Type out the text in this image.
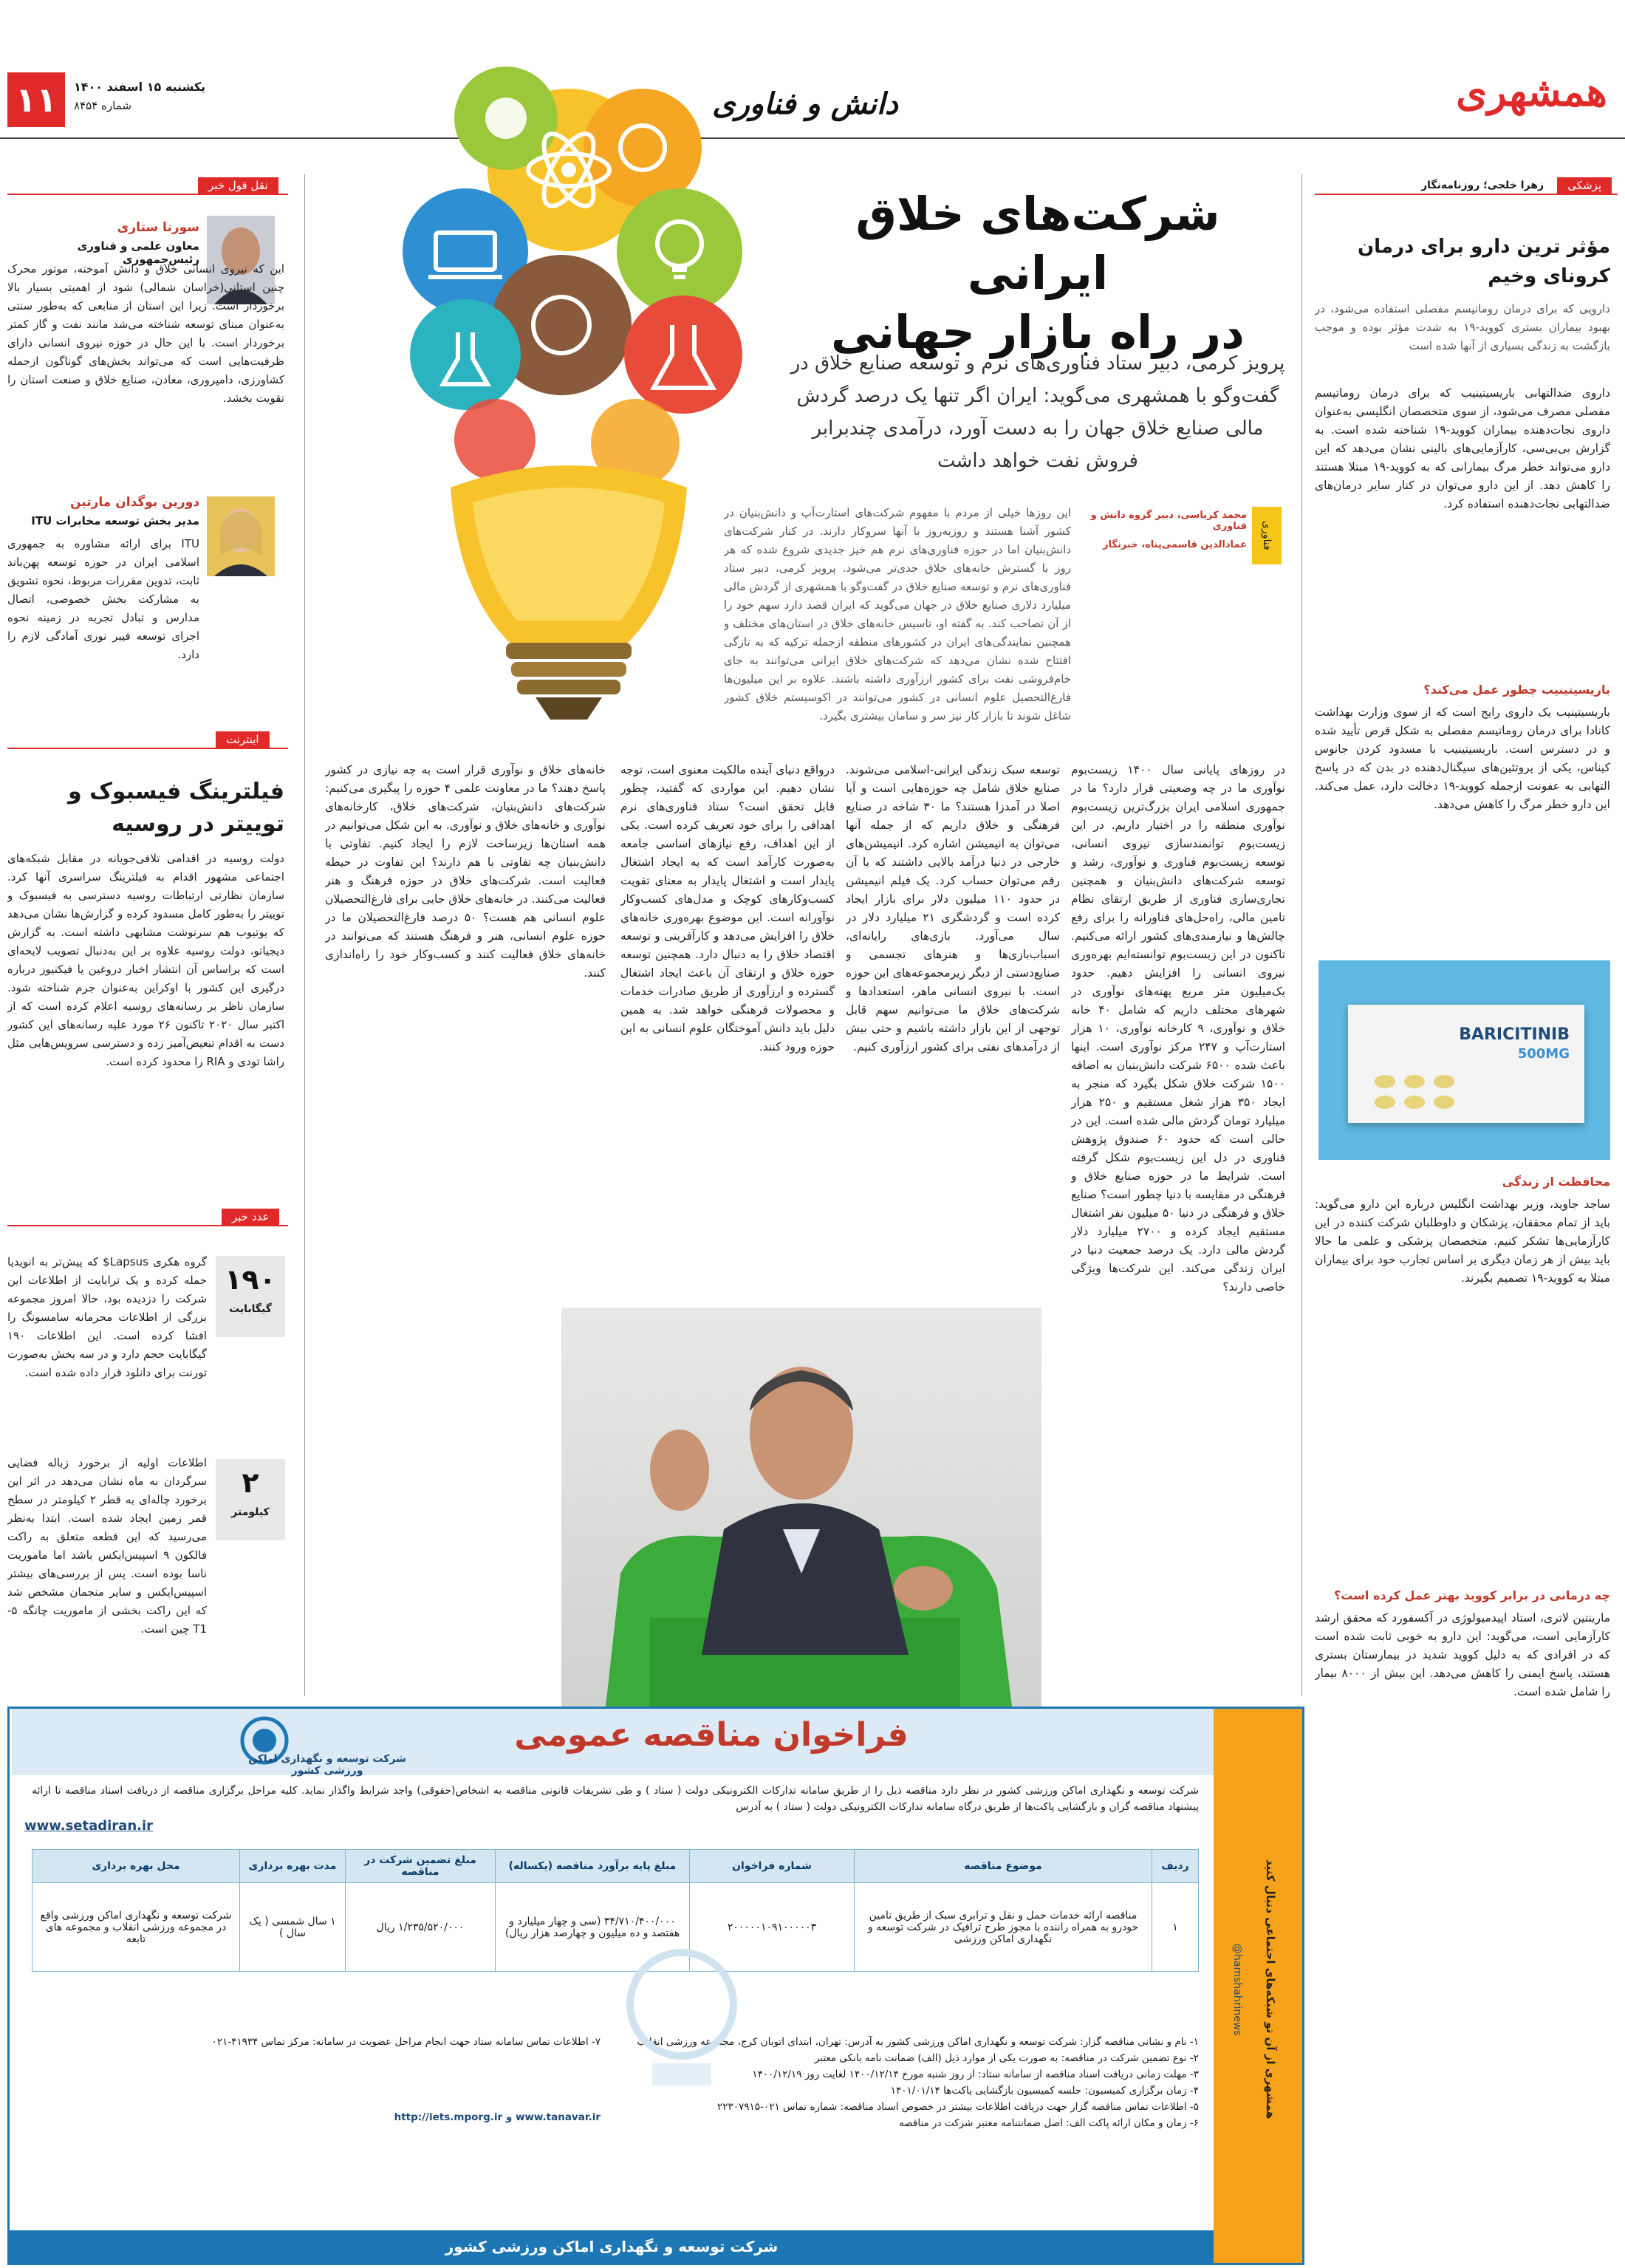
۱۱	یکشنبه ۱۵ اسفند ۱۴۰۰
شماره ۸۴۵۴	همشهری
دانش و فناوری
شرکت‌های خلاق ایرانی
در راه بازار جهانی
پرویز کرمی، دبیر ستاد فناوری‌های نرم و توسعه صنایع خلاق در گفت‌وگو با همشهری می‌گوید: ایران اگر تنها یک درصد گردش مالی صنایع خلاق جهان را به دست آورد، درآمدی چندبرابر فروش نفت خواهد داشت
فناوری
محمد کرباسی، دبیر گروه دانش و فناوری
عمادالدین قاسمی‌پناه، خبرنگار
این روزها خیلی از مردم با مفهوم شرکت‌های استارت‌آپ و دانش‌بنیان در کشور آشنا هستند و روزبه‌روز با آنها سروکار دارند. در کنار شرکت‌های دانش‌بنیان اما در حوزه فناوری‌های نرم هم خیز جدیدی شروع شده که هر روز با گسترش خانه‌های خلاق جدی‌تر می‌شود. پرویز کرمی، دبیر ستاد فناوری‌های نرم و توسعه صنایع خلاق در گفت‌وگو با همشهری از گردش مالی میلیارد دلاری صنایع خلاق در جهان می‌گوید که ایران قصد دارد سهم خود را از آن تصاحب کند. به گفته او، تاسیس خانه‌های خلاق در استان‌های مختلف و همچنین نمایندگی‌های ایران در کشورهای منطقه ازجمله ترکیه که به تازگی افتتاح شده نشان می‌دهد که شرکت‌های خلاق ایرانی می‌توانند به جای خام‌فروشی نفت برای کشور ارزآوری داشته باشند. علاوه بر این میلیون‌ها فارغ‌التحصیل علوم انسانی در کشور می‌توانند در اکوسیستم خلاق کشور شاغل شوند تا بازار کار نیز سر و سامان بیشتری بگیرد.
در روزهای پایانی سال ۱۴۰۰ زیست‌بوم نوآوری ما در چه وضعیتی قرار دارد؟ ما در جمهوری اسلامی ایران بزرگ‌ترین زیست‌بوم نوآوری منطقه را در اختیار داریم. در این زیست‌بوم توانمندسازی نیروی انسانی، توسعه زیست‌بوم فناوری و نوآوری، رشد و توسعه شرکت‌های دانش‌بنیان و همچنین تجاری‌سازی فناوری از طریق ارتقای نظام تامین مالی، راه‌حل‌های فناورانه را برای رفع چالش‌ها و نیازمندی‌های کشور ارائه می‌کنیم. تاکنون در این زیست‌بوم توانسته‌ایم بهره‌وری نیروی انسانی را افزایش دهیم. حدود یک‌میلیون متر مربع پهنه‌های نوآوری در شهرهای مختلف داریم که شامل ۴۰ خانه خلاق و نوآوری، ۹ کارخانه نوآوری، ۱۰ هزار استارت‌آپ و ۲۴۷ مرکز نوآوری است. اینها باعث شده ۶۵۰۰ شرکت دانش‌بنیان به اضافه ۱۵۰۰ شرکت خلاق شکل بگیرد که منجر به ایجاد ۳۵۰ هزار شغل مستقیم و ۲۵۰ هزار میلیارد تومان گردش مالی شده است. این در حالی است که حدود ۶۰ صندوق پژوهش فناوری در دل این زیست‌بوم شکل گرفته است. شرایط ما در حوزه صنایع خلاق و فرهنگی در مقایسه با دنیا چطور است؟ صنایع خلاق و فرهنگی در دنیا ۵۰ میلیون نفر اشتغال مستقیم ایجاد کرده و ۲۷۰۰ میلیارد دلار گردش مالی دارد. یک درصد جمعیت دنیا در ایران زندگی می‌کند. این شرکت‌ها ویژگی خاصی دارند؟
توسعه سبک زندگی ایرانی-اسلامی می‌شوند. صنایع خلاق شامل چه حوزه‌هایی است و آیا اصلا در آمدزا هستند؟ ما ۳۰ شاخه در صنایع فرهنگی و خلاق داریم که از جمله آنها می‌توان به انیمیشن اشاره کرد. انیمیشن‌های خارجی در دنیا درآمد بالایی داشتند که با آن رقم می‌توان حساب کرد. یک فیلم انیمیشن در حدود ۱۱۰ میلیون دلار برای بازار ایجاد کرده است و گردشگری ۲۱ میلیارد دلار در سال می‌آورد. بازی‌های رایانه‌ای، اسباب‌بازی‌ها و هنرهای تجسمی و صنایع‌دستی از دیگر زیرمجموعه‌های این حوزه است. با نیروی انسانی ماهر، استعدادها و شرکت‌های خلاق ما می‌توانیم سهم قابل توجهی از این بازار داشته باشیم و حتی بیش از درآمدهای نفتی برای کشور ارزآوری کنیم.
درواقع دنیای آینده مالکیت معنوی است، توجه نشان دهیم. این مواردی که گفتید، چطور قابل تحقق است؟ ستاد فناوری‌های نرم اهدافی را برای خود تعریف کرده است. یکی از این اهداف، رفع نیازهای اساسی جامعه به‌صورت کارآمد است که به ایجاد اشتغال پایدار است و اشتغال پایدار به معنای تقویت کسب‌وکارهای کوچک و مدل‌های کسب‌وکار نوآورانه است. این موضوع بهره‌وری خانه‌های خلاق را افزایش می‌دهد و کارآفرینی و توسعه اقتصاد خلاق را به دنبال دارد. همچنین توسعه حوزه خلاق و ارتقای آن باعث ایجاد اشتغال گسترده و ارزآوری از طریق صادرات خدمات و محصولات فرهنگی خواهد شد. به همین دلیل باید دانش آموختگان علوم انسانی به این حوزه ورود کنند.
خانه‌های خلاق و نوآوری قرار است به چه نیازی در کشور پاسخ دهند؟ ما در معاونت علمی ۴ حوزه را پیگیری می‌کنیم: شرکت‌های دانش‌بنیان، شرکت‌های خلاق، کارخانه‌های نوآوری و خانه‌های خلاق و نوآوری. به این شکل می‌توانیم در همه استان‌ها زیرساخت لازم را ایجاد کنیم. تفاوتی با دانش‌بنیان چه تفاوتی با هم دارند؟ این تفاوت در حیطه فعالیت است. شرکت‌های خلاق در حوزه فرهنگ و هنر فعالیت می‌کنند. در خانه‌های خلاق جایی برای فارغ‌التحصیلان علوم انسانی هم هست؟ ۵۰ درصد فارغ‌التحصیلان ما در حوزه علوم انسانی، هنر و فرهنگ هستند که می‌توانند در خانه‌های خلاق فعالیت کنند و کسب‌وکار خود را راه‌اندازی کنند.
نقل قول خبر
سورنا ستاری
معاون علمی و فناوری رئیس‌جمهوری
این که نیروی انسانی خلاق و دانش آموخته، موتور محرک چنین استانی(خراسان شمالی) شود از اهمیتی بسیار بالا برخوردار است. زیرا این استان از منابعی که به‌طور سنتی به‌عنوان مبنای توسعه شناخته می‌شد مانند نفت و گاز کمتر برخوردار است. با این حال در حوزه نیروی انسانی دارای ظرفیت‌هایی است که می‌تواند بخش‌های گوناگون ازجمله کشاورزی، دامپروری، معادن، صنایع خلاق و صنعت استان را تقویت بخشد.
دورین بوگدان مارتین
مدیر بخش توسعه مخابرات ITU
ITU برای ارائه مشاوره به جمهوری اسلامی ایران در حوزه توسعه پهن‌باند ثابت، تدوین مقررات مربوط، نحوه تشویق به مشارکت بخش خصوصی، اتصال مدارس و تبادل تجربه در زمینه نحوه اجرای توسعه فیبر نوری آمادگی لازم را دارد.
اینترنت
فیلترینگ فیسبوک و توییتر در روسیه
دولت روسیه در اقدامی تلافی‌جویانه در مقابل شبکه‌های اجتماعی مشهور اقدام به فیلترینگ سراسری آنها کرد. سازمان نظارتی ارتباطات روسیه دسترسی به فیسبوک و توییتر را به‌طور کامل مسدود کرده و گزارش‌ها نشان می‌دهد که یوتیوب هم سرنوشت مشابهی داشته است. به گزارش دیجیاتو، دولت روسیه علاوه بر این به‌دنبال تصویب لایحه‌ای است که براساس آن انتشار اخبار دروغین یا فیکنیوز درباره درگیری این کشور با اوکراین به‌عنوان جرم شناخته شود. سازمان ناظر بر رسانه‌های روسیه اعلام کرده است که از اکتبر سال ۲۰۲۰ تاکنون ۲۶ مورد علیه رسانه‌های این کشور دست به اقدام تبعیض‌آمیز زده و دسترسی سرویس‌هایی مثل راشا تودی و RIA را محدود کرده است.
عدد خبر
۱۹۰
گیگابایت
گروه هکری Lapsus$ که پیش‌تر به انویدیا حمله کرده و یک ترابایت از اطلاعات این شرکت را دزدیده بود، حالا امروز مجموعه بزرگی از اطلاعات محرمانه سامسونگ را افشا کرده است. این اطلاعات ۱۹۰ گیگابایت حجم دارد و در سه بخش به‌صورت تورنت برای دانلود قرار داده شده است.
۲
کیلومتر
اطلاعات اولیه از برخورد زباله فضایی سرگردان به ماه نشان می‌دهد در اثر این برخورد چاله‌ای به قطر ۲ کیلومتر در سطح قمر زمین ایجاد شده است. ابتدا به‌نظر می‌رسید که این قطعه متعلق به راکت فالکون ۹ اسپیس‌ایکس باشد اما ماموریت ناسا بوده است. پس از بررسی‌های بیشتر اسپیس‌ایکس و سایر منجمان مشخص شد که این راکت بخشی از ماموریت چانگه ۵-T1 چین است.
پزشکی
زهرا خلجی؛ روزنامه‌نگار
مؤثر ترین دارو برای درمان کرونای وخیم
دارویی که برای درمان روماتیسم مفصلی استفاده می‌شود، در بهبود بیماران بستری کووید-۱۹ به شدت مؤثر بوده و موجب بازگشت به زندگی بسیاری از آنها شده است
داروی ضدالتهابی باریسیتینیب که برای درمان روماتیسم مفصلی مصرف می‌شود، از سوی متخصصان انگلیسی به‌عنوان داروی نجات‌دهنده بیماران کووید-۱۹ شناخته شده است. به گزارش بی‌بی‌سی، کارآزمایی‌های بالینی نشان می‌دهد که این دارو می‌تواند خطر مرگ بیمارانی که به کووید-۱۹ مبتلا هستند را کاهش دهد. از این دارو می‌توان در کنار سایر درمان‌های ضدالتهابی نجات‌دهنده استفاده کرد.
باریسیتینیب چطور عمل می‌کند؟
باریسیتینیب یک داروی رایج است که از سوی وزارت بهداشت کانادا برای درمان روماتیسم مفصلی به شکل قرص تأیید شده و در دسترس است. باریسیتینیب با مسدود کردن جانوس کیناس، یکی از پروتئین‌های سیگنال‌دهنده در بدن که در پاسخ التهابی به عفونت ازجمله کووید-۱۹ دخالت دارد، عمل می‌کند. این دارو خطر مرگ را کاهش می‌دهد.
BARICITINIB
500MG
محافظت از زندگی
ساجد جاوید، وزیر بهداشت انگلیس درباره این دارو می‌گوید: باید از تمام محققان، پزشکان و داوطلبان شرکت کننده در این کارآزمایی‌ها تشکر کنیم. متخصصان پزشکی و علمی ما حالا باید بیش از هر زمان دیگری بر اساس تجارب خود برای بیماران مبتلا به کووید-۱۹ تصمیم بگیرند.
چه درمانی در برابر کووید بهتر عمل کرده است؟
مارینتین لاتری، استاد اپیدمیولوژی در آکسفورد که محقق ارشد کارآزمایی است، می‌گوید: این دارو به خوبی ثابت شده است که در افرادی که به دلیل کووید شدید در بیمارستان بستری هستند، پاسخ ایمنی را کاهش می‌دهد. این بیش از ۸۰۰۰ بیمار را شامل شده است.
همشهری از آن تو شبکه‌های اجتماعی دنبال کنید
@hamshahrinews
شرکت توسعه و نگهداری اماکن ورزشی کشور
فراخوان مناقصه عمومی
شرکت توسعه و نگهداری اماکن ورزشی کشور در نظر دارد مناقصه ذیل را از طریق سامانه تدارکات الکترونیکی دولت ( ستاد ) و طی تشریفات قانونی مناقصه به اشخاص(حقوقی) واجد شرایط واگذار نماید. کلیه مراحل برگزاری مناقصه از دریافت اسناد مناقصه تا ارائه پیشنهاد مناقصه گران و بازگشایی پاکت‌ها از طریق درگاه سامانه تدارکات الکترونیکی دولت ( ستاد ) به آدرس
www.setadiran.ir
ردیف	موضوع مناقصه	شماره فراخوان	مبلغ پایه برآورد مناقصه (یکساله)	مبلغ تضمین شرکت در مناقصه	مدت بهره برداری	محل بهره برداری
۱	مناقصه ارائه خدمات حمل و نقل و ترابری سبک از طریق تامین خودرو به همراه راننده با مجوز طرح ترافیک در شرکت توسعه و نگهداری اماکن ورزشی	۲۰۰۰۰۰۱۰۹۱۰۰۰۰۰۳	۳۴/۷۱۰/۴۰۰/۰۰۰ (سی و چهار میلیارد و هفتصد و ده میلیون و چهارصد هزار ریال)	۱/۲۳۵/۵۲۰/۰۰۰ ریال	۱ سال شمسی ( یک سال )	شرکت توسعه و نگهداری اماکن ورزشی واقع در مجموعه ورزشی انقلاب و مجموعه های تابعه
۱- نام و نشانی مناقصه گزار: شرکت توسعه و نگهداری اماکن ورزشی کشور به آدرس: تهران، ابتدای اتوبان کرج، مجموعه ورزشی انقلاب
۲- نوع تضمین شرکت در مناقصه: به صورت یکی از موارد ذیل (الف) ضمانت نامه بانکی معتبر
۳- مهلت زمانی دریافت اسناد مناقصه از سامانه ستاد: از روز شنبه مورخ ۱۴۰۰/۱۲/۱۴ لغایت روز ۱۴۰۰/۱۲/۱۹
۴- زمان برگزاری کمیسیون: جلسه کمیسیون بازگشایی پاکت‌ها ۱۴۰۱/۰۱/۱۴
۵- اطلاعات تماس مناقصه گزار جهت دریافت اطلاعات بیشتر در خصوص اسناد مناقصه: شماره تماس ۰۲۱-۲۲۳۰۷۹۱۵
۶- زمان و مکان ارائه پاکت الف: اصل ضمانتنامه معتبر شرکت در مناقصه
۷- اطلاعات تماس سامانه ستاد جهت انجام مراحل عضویت در سامانه: مرکز تماس ۴۱۹۳۴-۰۲۱
www.tanavar.ir و http://iets.mporg.ir
شرکت توسعه و نگهداری اماکن ورزشی کشور
